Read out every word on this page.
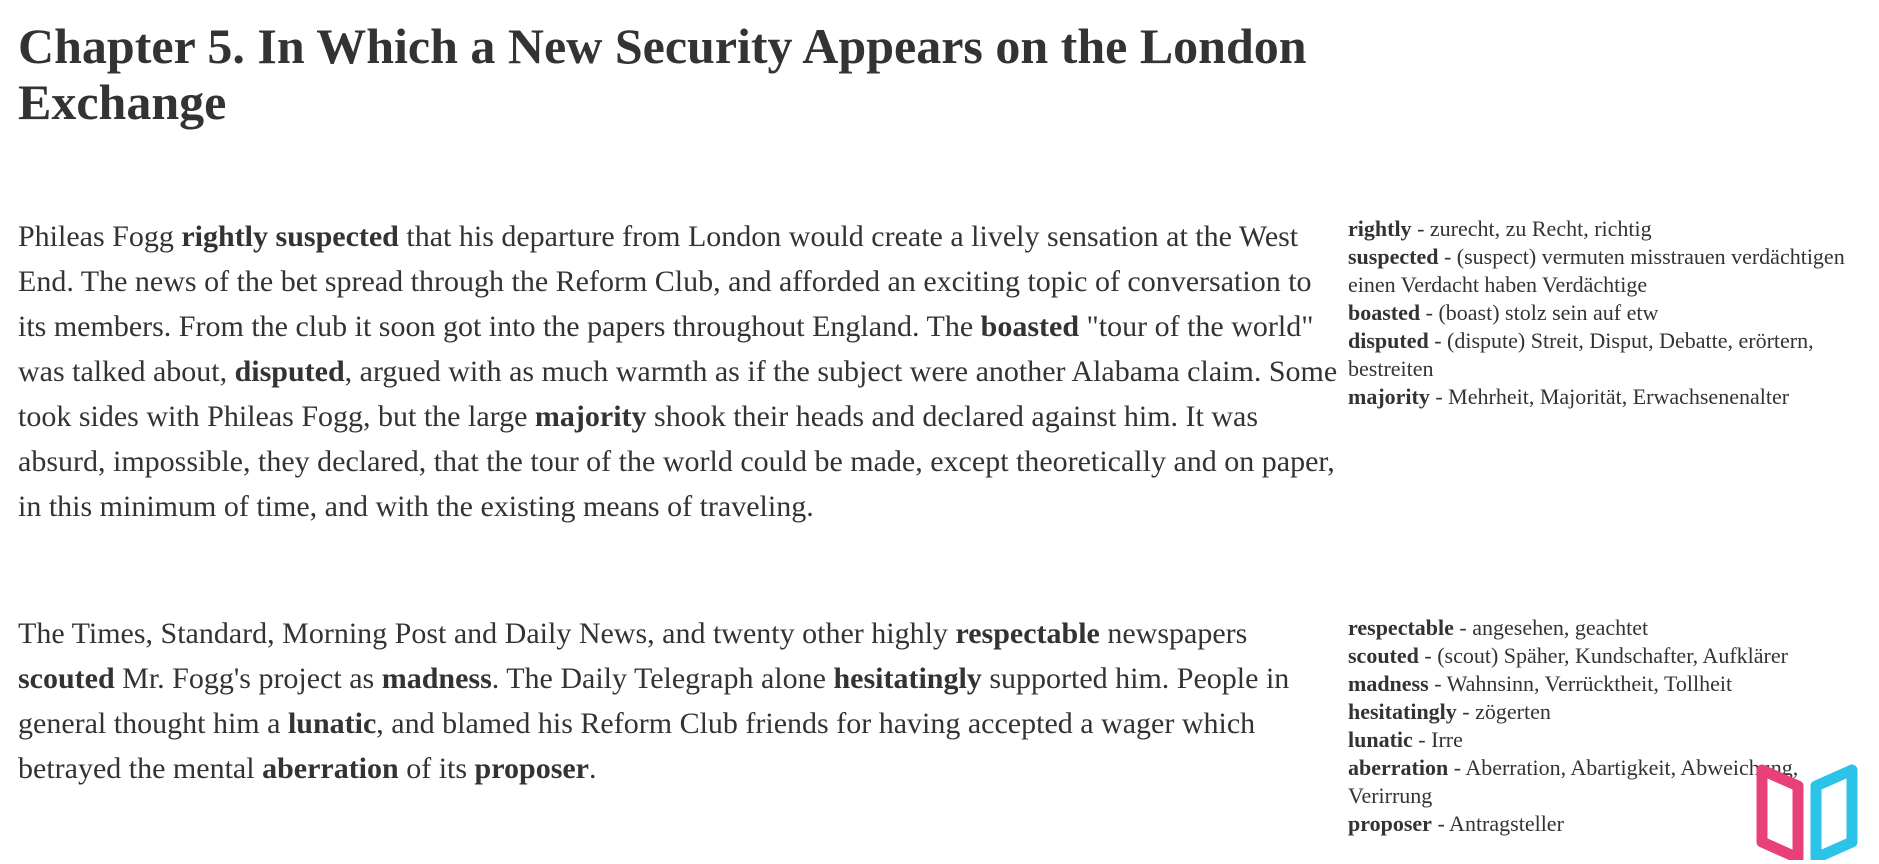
Chapter 5. In Which a New Security Appears on the London Exchange

Phileas Fogg rightly suspected that his departure from London would create a lively sensation at the West End. The news of the bet spread through the Reform Club, and afforded an exciting topic of conversation to its members. From the club it soon got into the papers throughout England. The boasted "tour of the world" was talked about, disputed, argued with as much warmth as if the subject were another Alabama claim. Some took sides with Phileas Fogg, but the large majority shook their heads and declared against him. It was absurd, impossible, they declared, that the tour of the world could be made, except theoretically and on paper, in this minimum of time, and with the existing means of traveling.

rightly - zurecht, zu Recht, richtig
suspected - (suspect) vermuten misstrauen verdächtigen einen Verdacht haben Verdächtige
boasted - (boast) stolz sein auf etw
disputed - (dispute) Streit, Disput, Debatte, erörtern, bestreiten
majority - Mehrheit, Majorität, Erwachsenenalter

The Times, Standard, Morning Post and Daily News, and twenty other highly respectable newspapers scouted Mr. Fogg's project as madness. The Daily Telegraph alone hesitatingly supported him. People in general thought him a lunatic, and blamed his Reform Club friends for having accepted a wager which betrayed the mental aberration of its proposer.

respectable - angesehen, geachtet
scouted - (scout) Späher, Kundschafter, Aufklärer
madness - Wahnsinn, Verrücktheit, Tollheit
hesitatingly - zögerten
lunatic - Irre
aberration - Aberration, Abartigkeit, Abweichung, Verirrung
proposer - Antragsteller
